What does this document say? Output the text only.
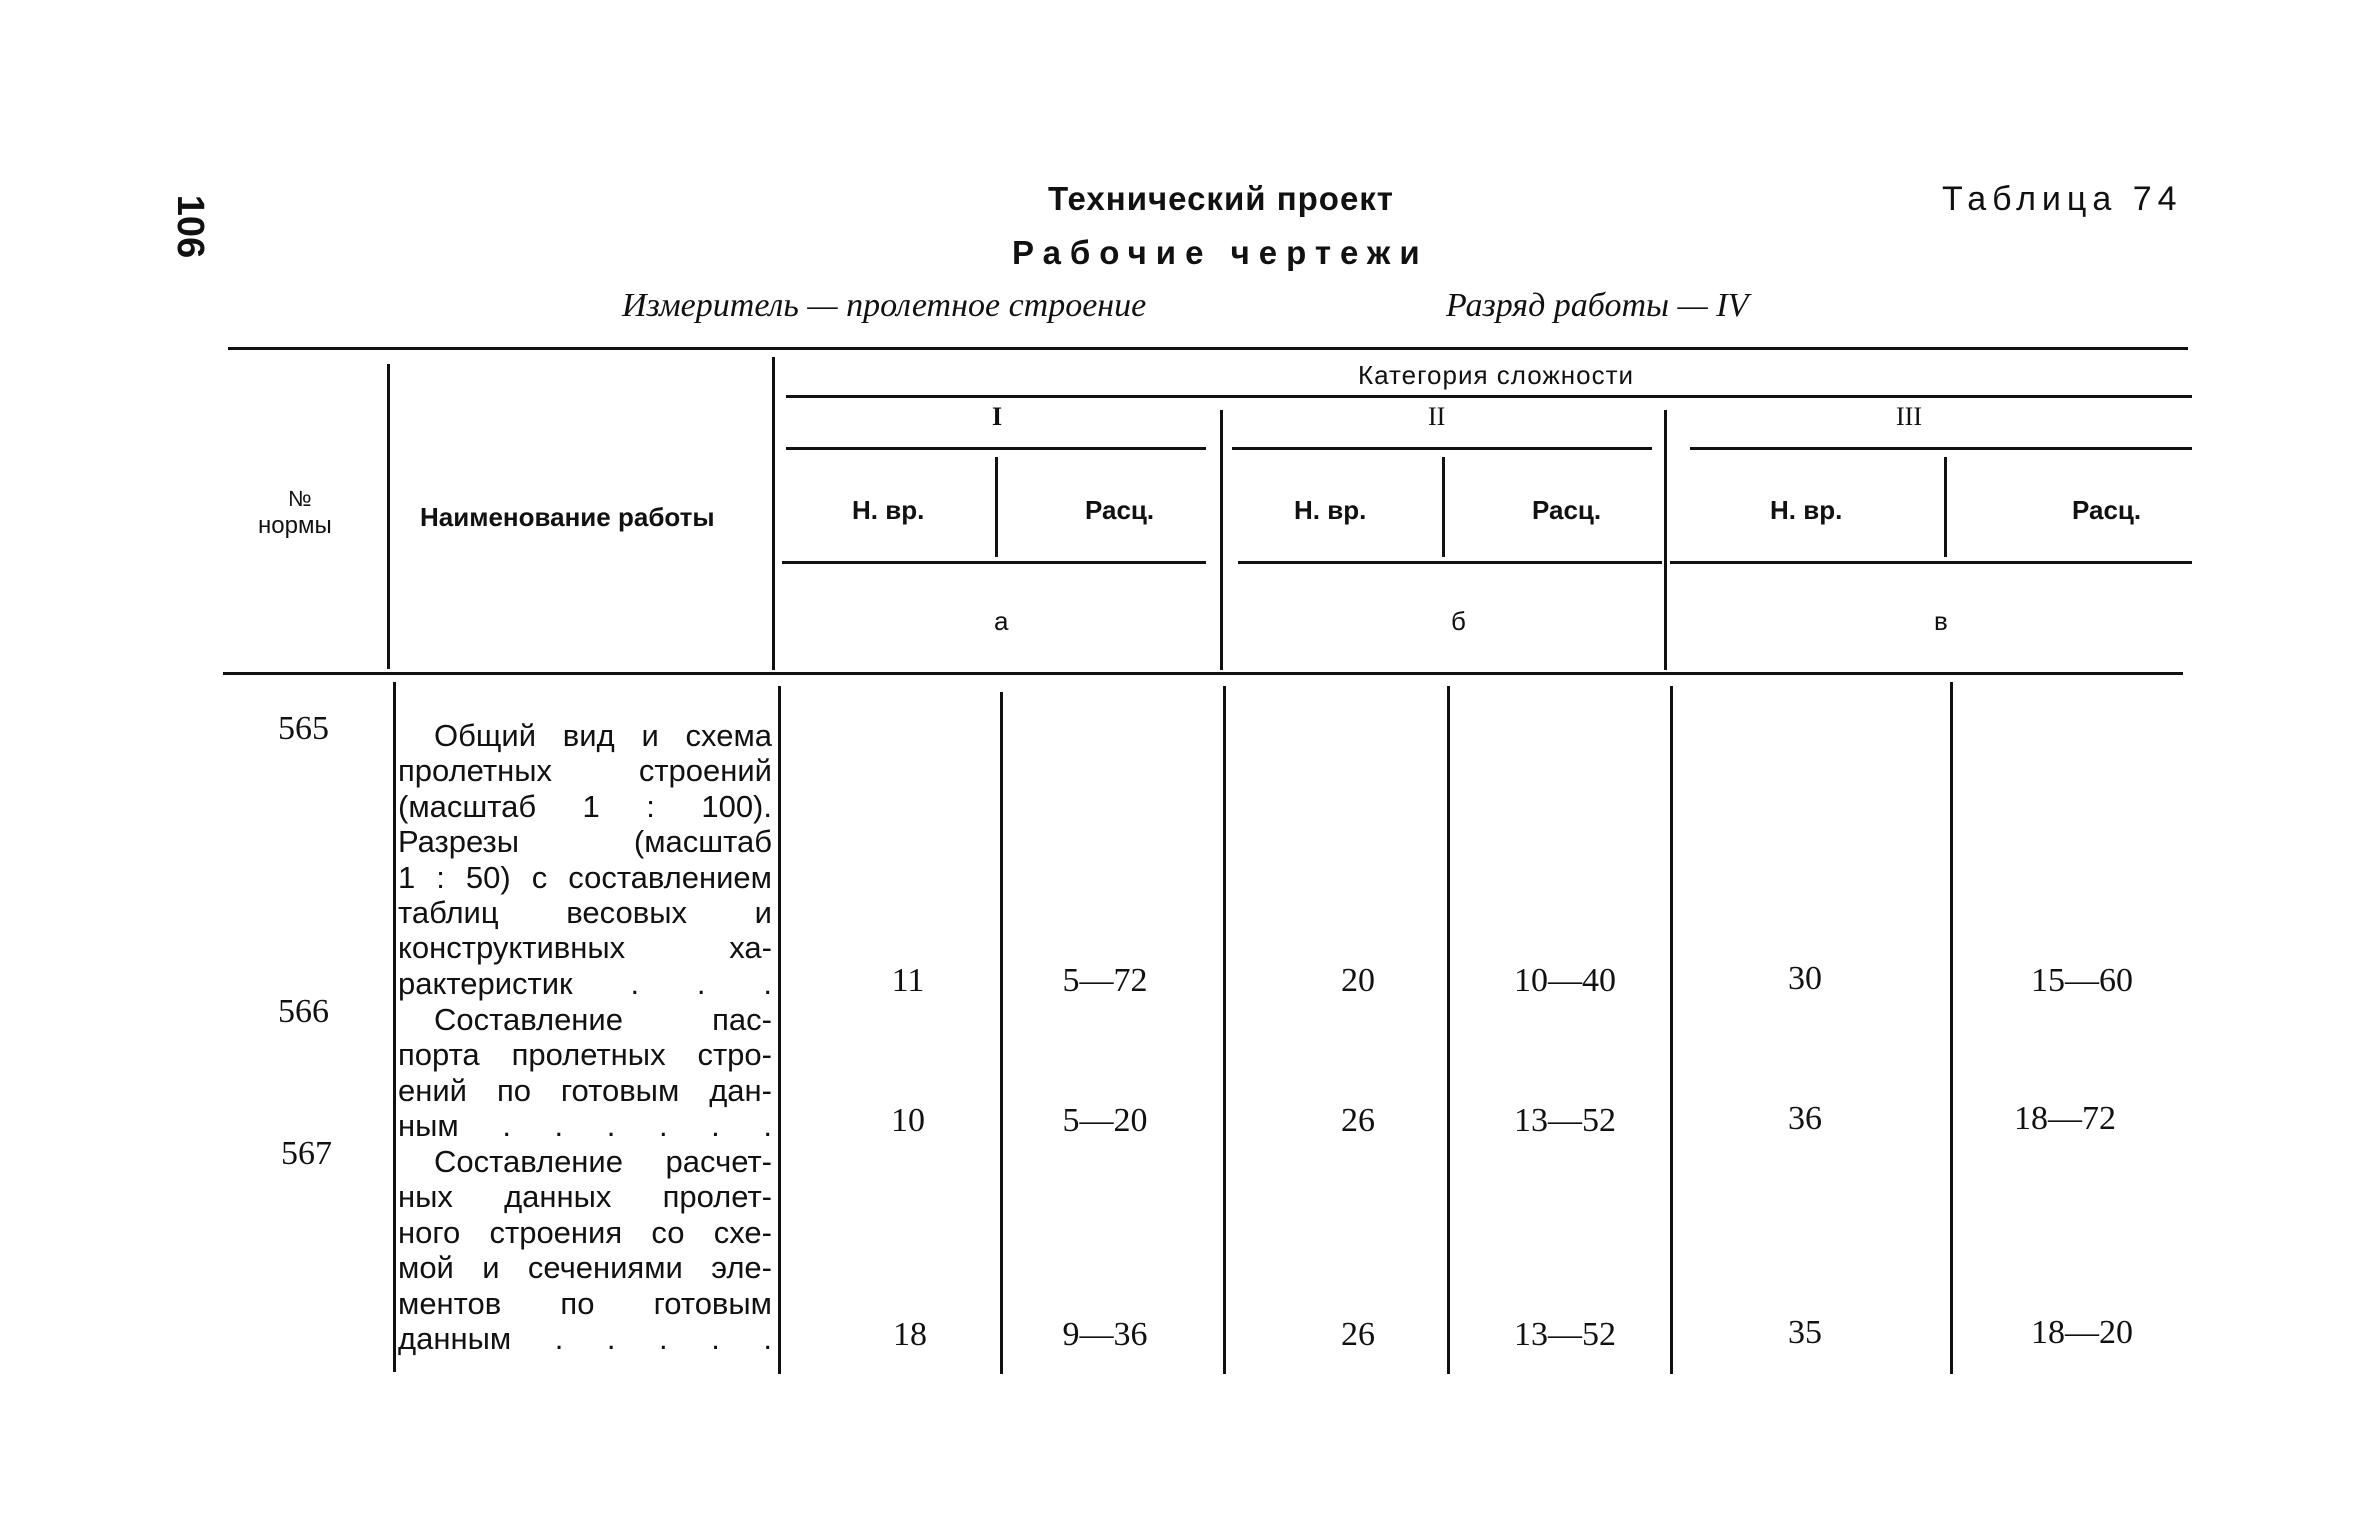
106	Технический проект	Таблица 74
Рабочие чертежи
Измеритель — пролетное строение	Разряд работы — IV
№
нормы	Наименование работы
Категория сложности
I	II	III
Н. вр.	Расц.	Н. вр.	Расц.	Н. вр.	Расц.
а	б	в
565	Общий вид и схема
пролетных строений
(масштаб 1 : 100).
Разрезы (масштаб
1 : 50) с составлением
таблиц весовых и
конструктивных ха-
рактеристик . . .	11	5—72	20	10—40	30	15—60
566	Составление пас-
порта пролетных стро-
ений по готовым дан-
ным . . . . . .	10	5—20	26	13—52	36	18—72
567	Составление расчет-
ных данных пролет-
ного строения со схе-
мой и сечениями эле-
ментов по готовым
данным . . . . .	18	9—36	26	13—52	35	18—20
